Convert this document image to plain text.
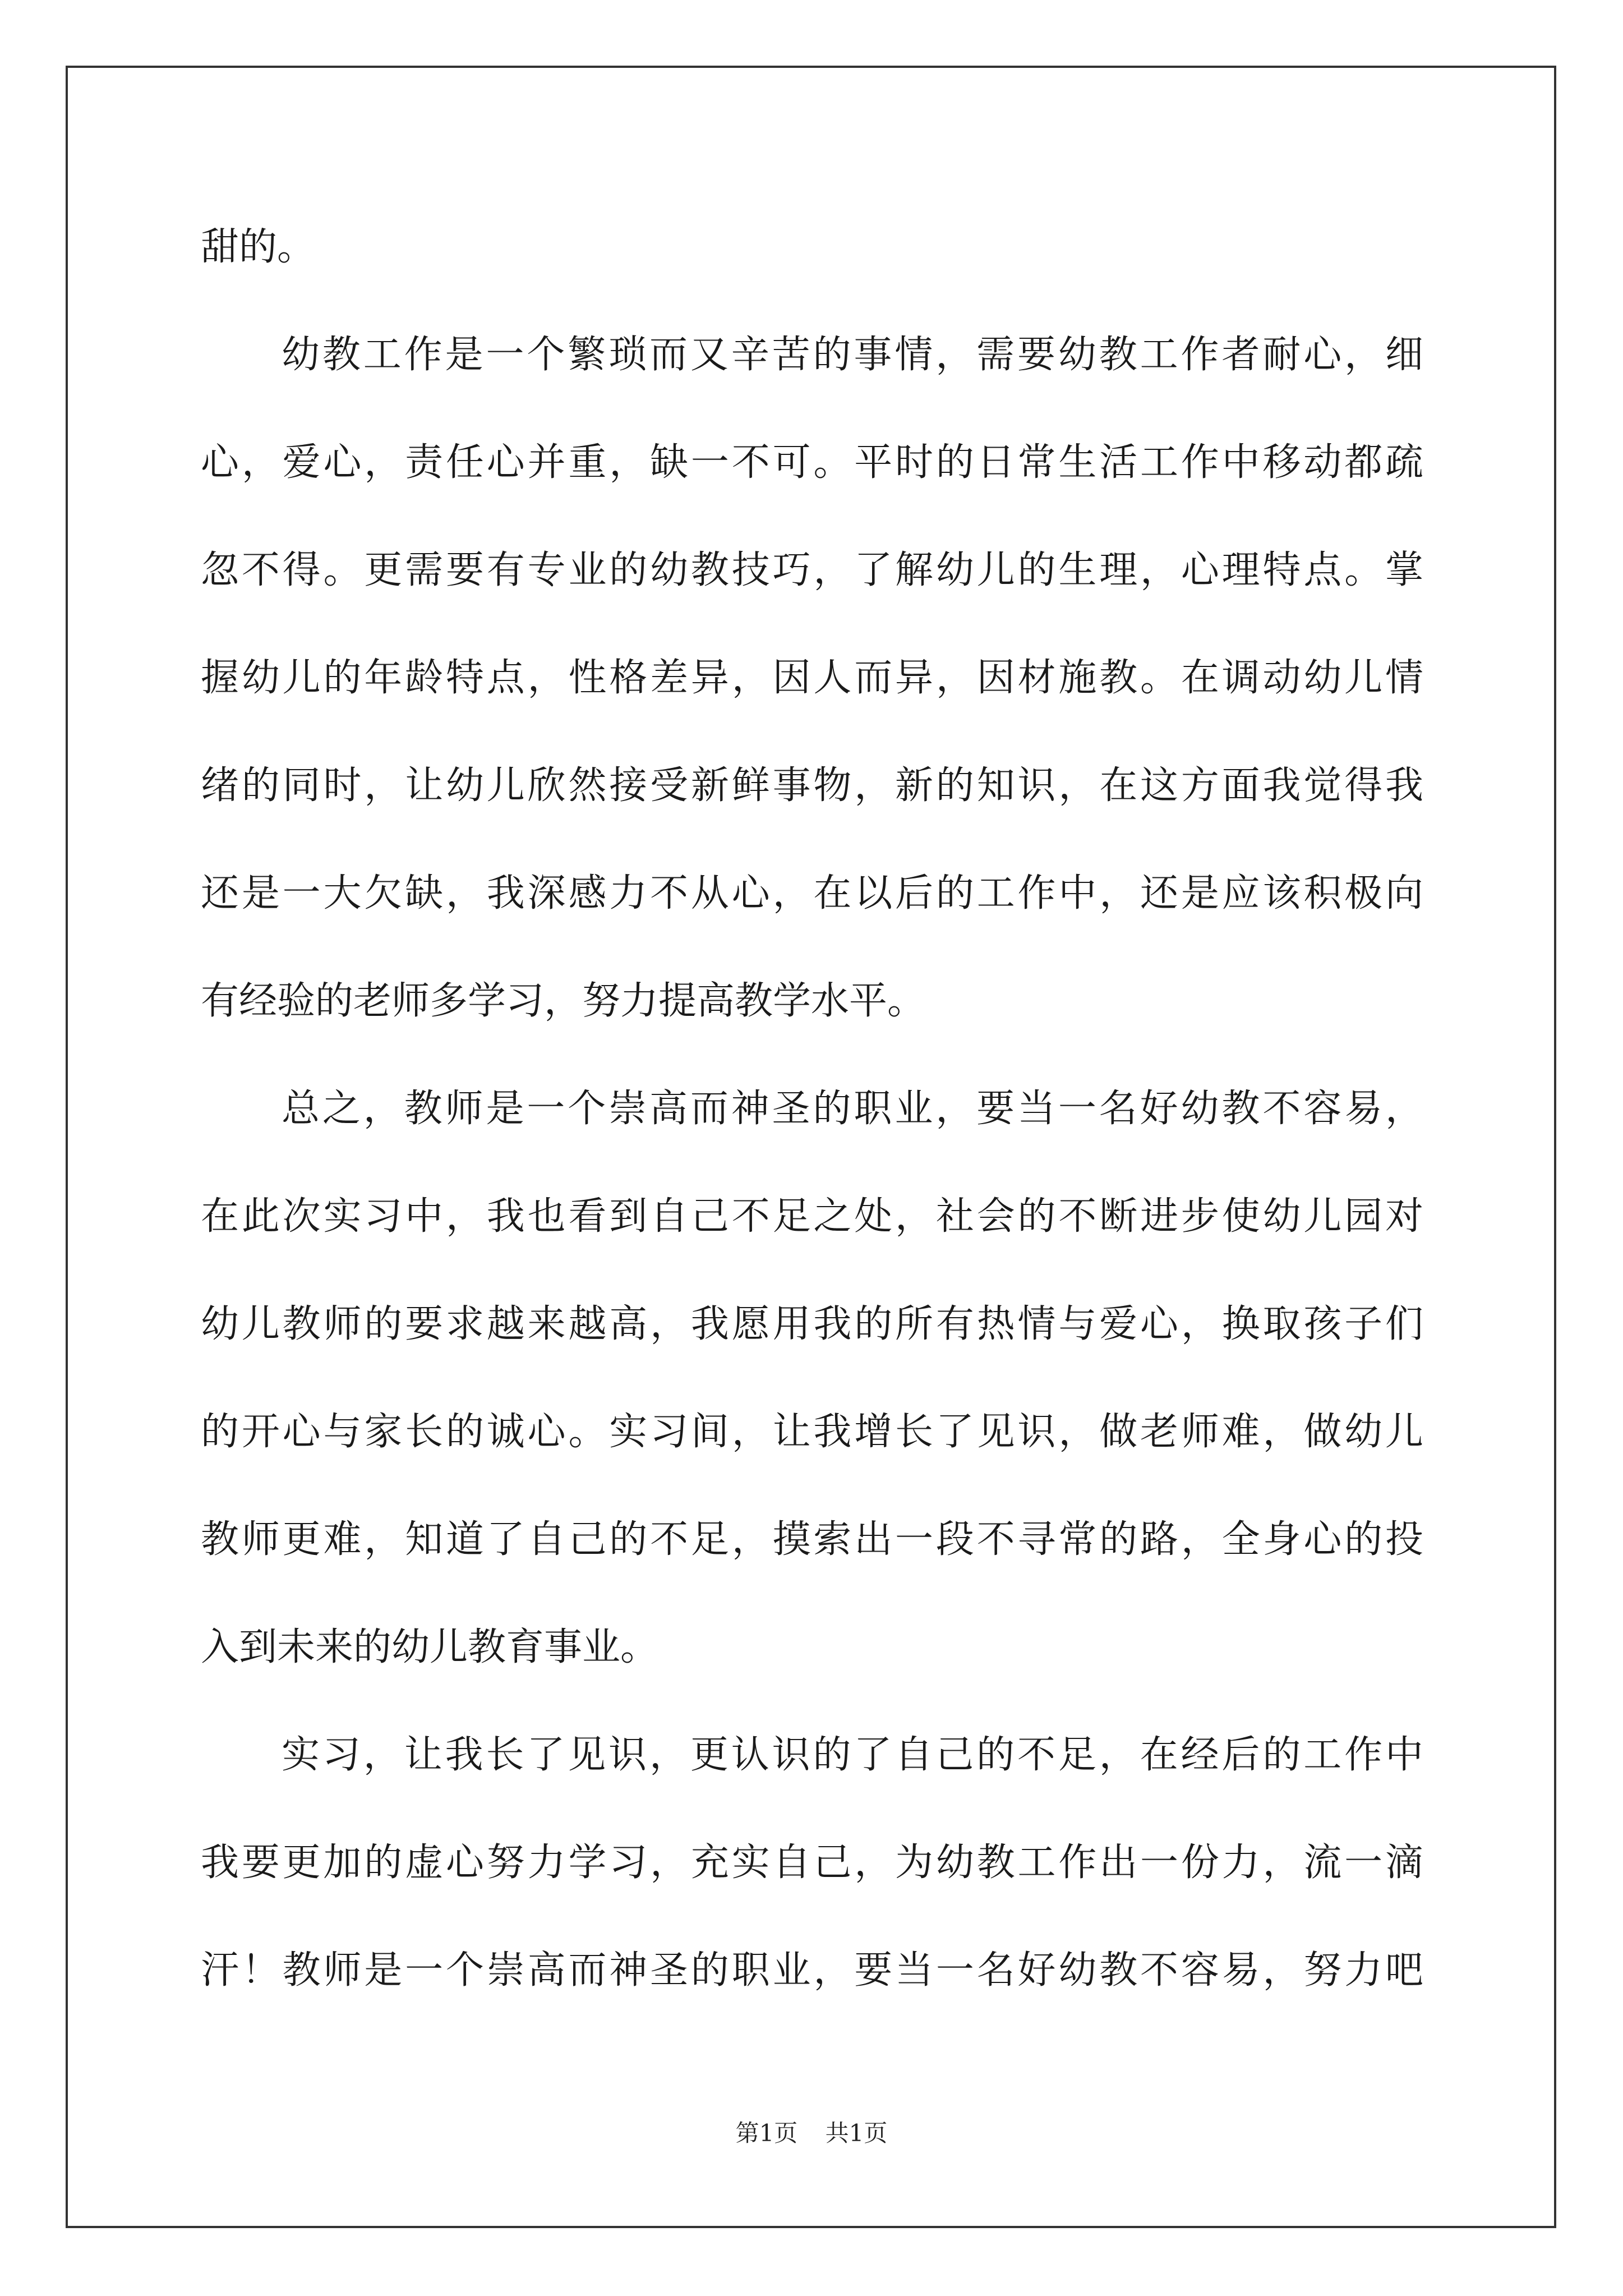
甜的。
幼教工作是一个繁琐而又辛苦的事情，需要幼教工作者耐心，细
心，爱心，责任心并重，缺一不可。平时的日常生活工作中移动都疏
忽不得。更需要有专业的幼教技巧，了解幼儿的生理，心理特点。掌
握幼儿的年龄特点，性格差异，因人而异，因材施教。在调动幼儿情
绪的同时，让幼儿欣然接受新鲜事物，新的知识，在这方面我觉得我
还是一大欠缺，我深感力不从心，在以后的工作中，还是应该积极向
有经验的老师多学习，努力提高教学水平。
总之，教师是一个崇高而神圣的职业，要当一名好幼教不容易，
在此次实习中，我也看到自己不足之处，社会的不断进步使幼儿园对
幼儿教师的要求越来越高，我愿用我的所有热情与爱心，换取孩子们
的开心与家长的诚心。实习间，让我增长了见识，做老师难，做幼儿
教师更难，知道了自己的不足，摸索出一段不寻常的路，全身心的投
入到未来的幼儿教育事业。
实习，让我长了见识，更认识的了自己的不足，在经后的工作中
我要更加的虚心努力学习，充实自己，为幼教工作出一份力，流一滴
汗！教师是一个崇高而神圣的职业，要当一名好幼教不容易，努力吧
第1页 共1页
